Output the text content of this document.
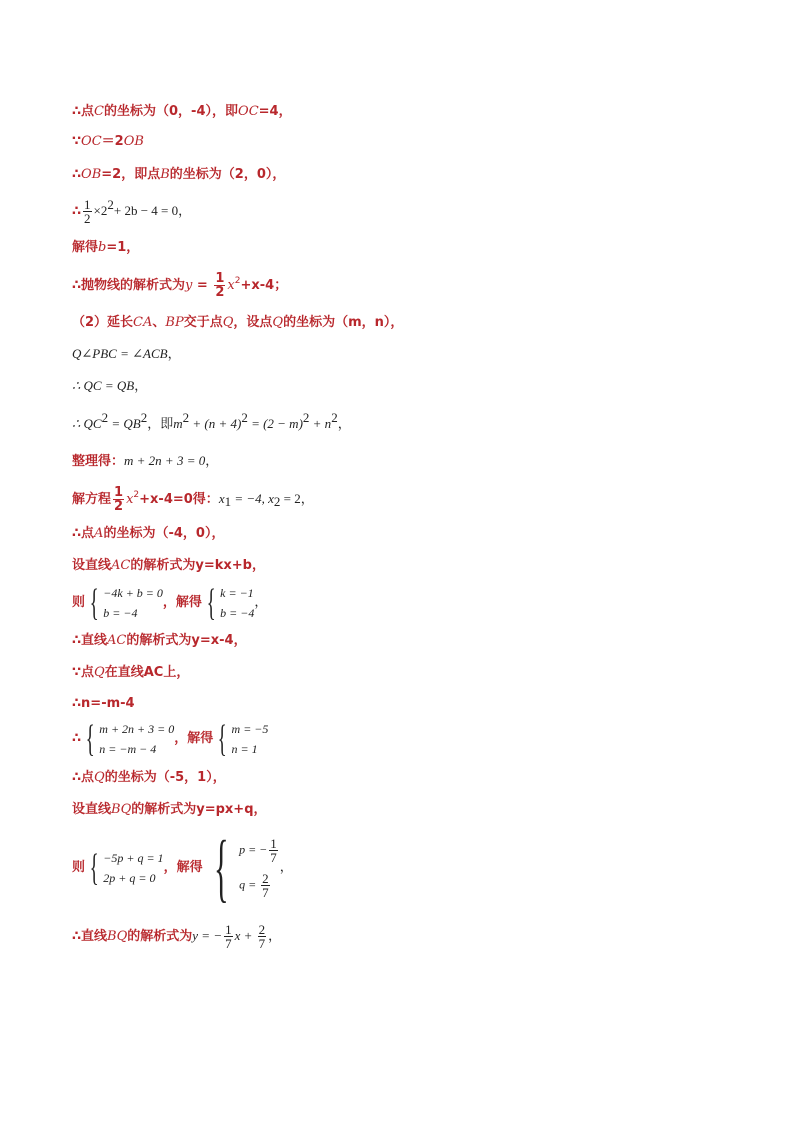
∴点C的坐标为（0，-4），即OC=4，
∵OC＝2OB
∴OB=2，即点B的坐标为（2，0），
∴ $\frac{1}{2} \times 2^2+ 2b - 4 = 0$，
解得b=1，
∴抛物线的解析式为$y = \frac{1}{2} x^2+x-4$；
（2）延长CA、BP交于点Q，设点Q的坐标为（m，n），
Q∠PBC = ∠ACB，
∴ QC = QB，
∴ $QC^2 = QB^2$，即$m^2 + (n + 4)^2 = (2 - m)^2 + n^2$，
整理得：m + 2n + 3 = 0，
解方程 $\frac{1}{2} x^2+x-4=0$得：$x_1 = -4$, $x_2 = 2$，
∴点A的坐标为（-4，0），
设直线AC的解析式为y=kx+b，
则 { −4k + b = 0
b = −4
，解得 { k = −1
b = −4
，
∴直线AC的解析式为y=x-4，
∵点Q在直线AC上，
∴n=-m-4
∴ { m + 2n + 3 = 0
n = −m − 4
，解得 { m = −5
n = 1
∴点Q的坐标为（-5，1），
设直线BQ的解析式为y=px+q，
则 { −5p + q = 1
2p + q = 0
，解得 { p = − $\frac{1}{7}$
$q = \frac{2}{7}$
，
∴直线BQ的解析式为y = − $\frac{1}{7}$ $x + \frac{2}{7}$ ，
